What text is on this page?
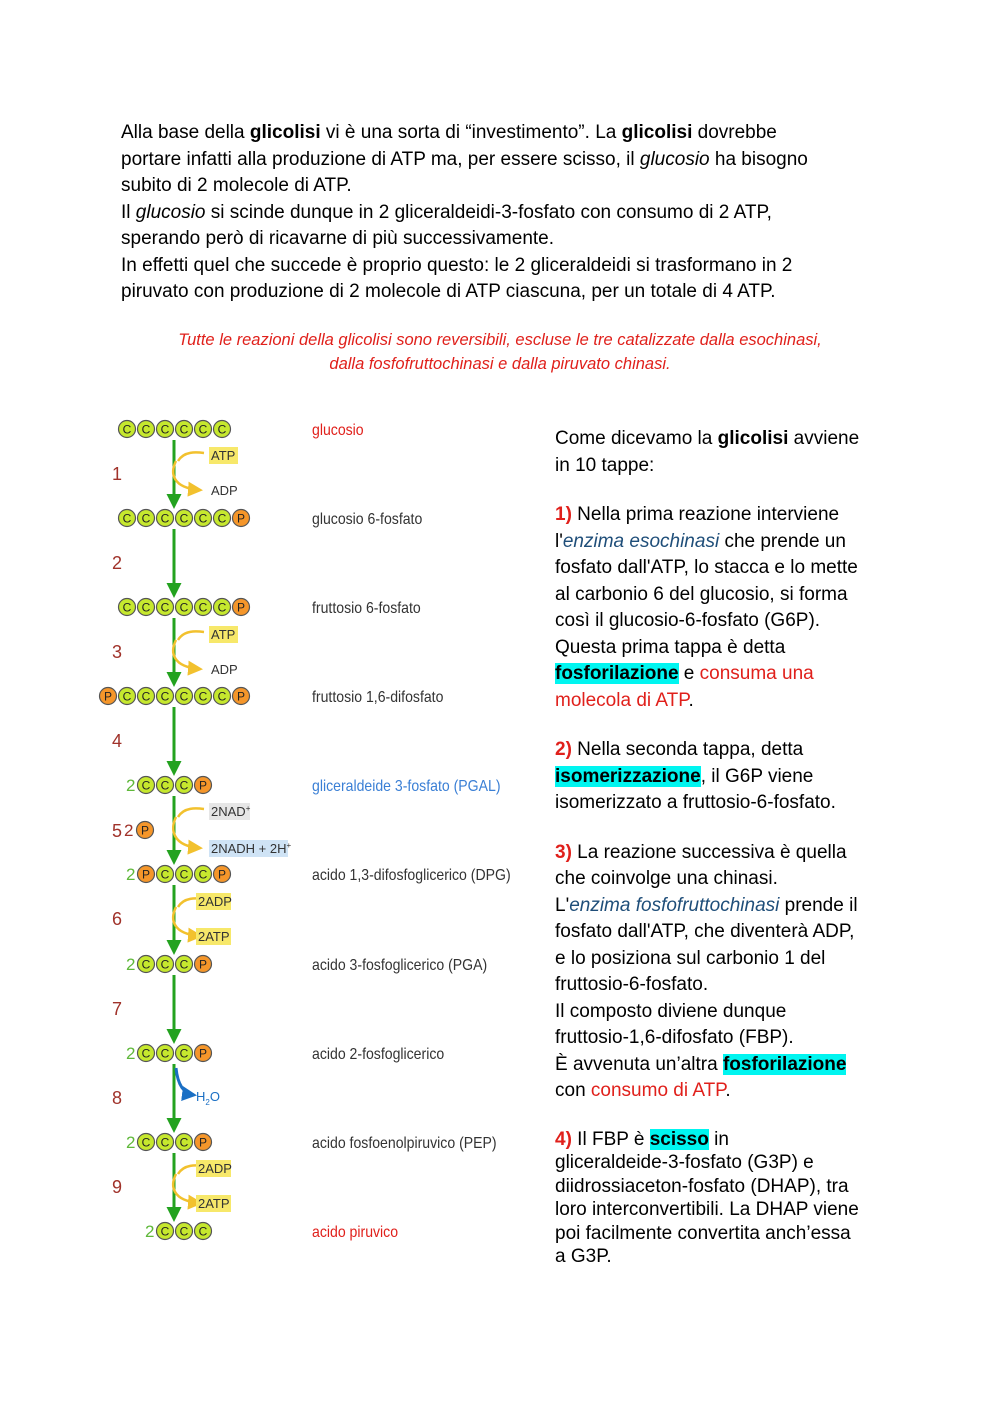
Alla base della glicolisi vi è una sorta di “investimento”. La glicolisi dovrebbe

portare infatti alla produzione di ATP ma, per essere scisso, il glucosio ha bisogno

subito di 2 molecole di ATP.

Il glucosio si scinde dunque in 2 gliceraldeidi-3-fosfato con consumo di 2 ATP,

sperando però di ricavarne di più successivamente.

In effetti quel che succede è proprio questo: le 2 gliceraldeidi si trasformano in 2

piruvato con produzione di 2 molecole di ATP ciascuna, per un totale di 4 ATP.

Tutte le reazioni della glicolisi sono reversibili, escluse le tre catalizzate dalla esochinasi,

dalla fosfofruttochinasi e dalla piruvato chinasi.

C C C C C C	glucosio
C C C C C C P	glucosio 6-fosfato
C C C C C C P	fruttosio 6-fosfato
P C C C C C C P	fruttosio 1,6-difosfato
2 C C C P	gliceraldeide 3-fosfato (PGAL)
2 P C C C P	acido 1,3-difosfoglicerico (DPG)
2 C C C P	acido 3-fosfoglicerico (PGA)
2 C C C P	acido 2-fosfoglicerico
2 C C C P	acido fosfoenolpiruvico (PEP)
2 C C C	acido piruvico
1
2
3
4
5
6
7
8
9
2 P
ATP
ADP
ATP
ADP
2NAD+
2NADH + 2H+
2ADP
2ATP
2ADP
2ATP
$H_2O$

Come dicevamo la glicolisi avviene

in 10 tappe:

1) Nella prima reazione interviene

l'enzima esochinasi che prende un

fosfato dall'ATP, lo stacca e lo mette

al carbonio 6 del glucosio, si forma

così il glucosio-6-fosfato (G6P).

Questa prima tappa è detta

fosforilazione e consuma una

molecola di ATP.

2) Nella seconda tappa, detta

isomerizzazione, il G6P viene

isomerizzato a fruttosio-6-fosfato.

3) La reazione successiva è quella

che coinvolge una chinasi.

L'enzima fosfofruttochinasi prende il

fosfato dall'ATP, che diventerà ADP,

e lo posiziona sul carbonio 1 del

fruttosio-6-fosfato.

Il composto diviene dunque

fruttosio-1,6-difosfato (FBP).

È avvenuta un’altra fosforilazione

con consumo di ATP.

4) Il FBP è scisso in

gliceraldeide-3-fosfato (G3P) e

diidrossiaceton-fosfato (DHAP), tra

loro interconvertibili. La DHAP viene

poi facilmente convertita anch’essa

a G3P.
